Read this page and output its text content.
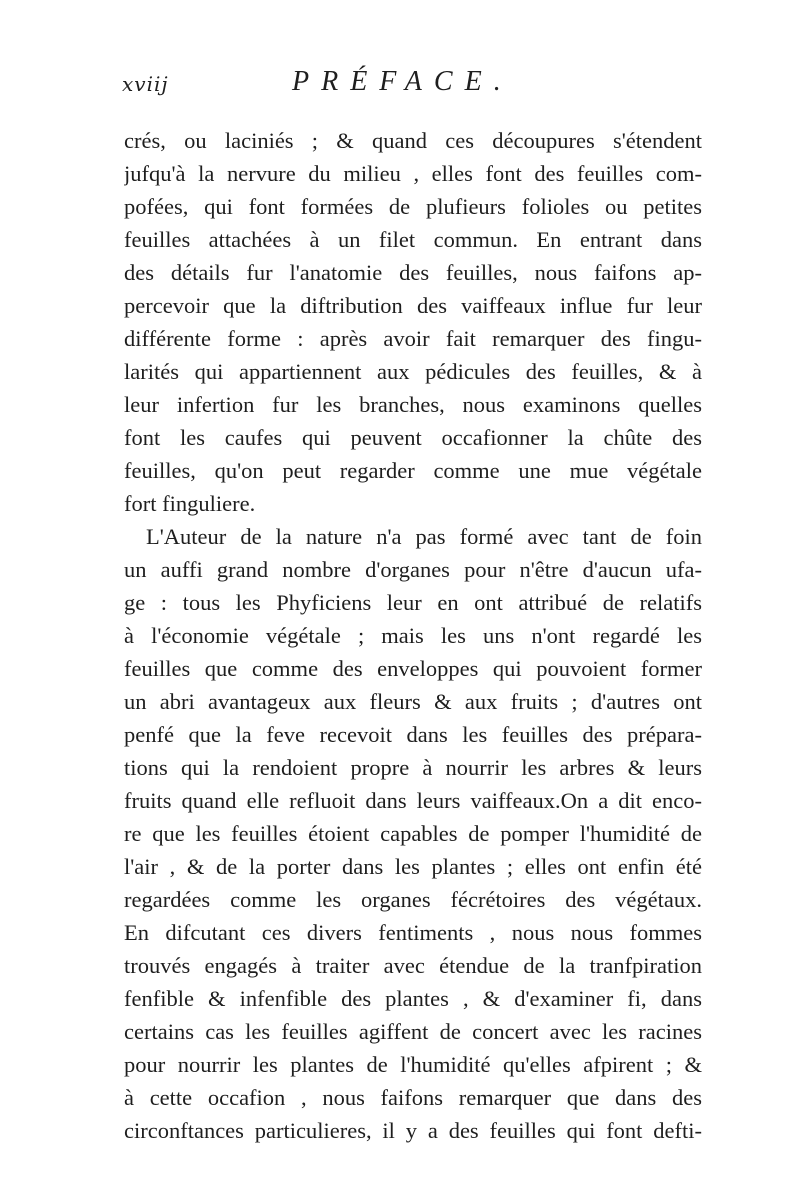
xviij	PRÉFACE.
crés, ou laciniés ; & quand ces découpures s'étendent
jufqu'à la nervure du milieu , elles font des feuilles com-
pofées, qui font formées de plufieurs folioles ou petites
feuilles attachées à un filet commun. En entrant dans
des détails fur l'anatomie des feuilles, nous faifons ap-
percevoir que la diftribution des vaiffeaux influe fur leur
différente forme : après avoir fait remarquer des fingu-
larités qui appartiennent aux pédicules des feuilles, & à
leur infertion fur les branches, nous examinons quelles
font les caufes qui peuvent occafionner la chûte des
feuilles, qu'on peut regarder comme une mue végétale
fort finguliere.
L'Auteur de la nature n'a pas formé avec tant de foin
un auffi grand nombre d'organes pour n'être d'aucun ufa-
ge : tous les Phyficiens leur en ont attribué de relatifs
à l'économie végétale ; mais les uns n'ont regardé les
feuilles que comme des enveloppes qui pouvoient former
un abri avantageux aux fleurs & aux fruits ; d'autres ont
penfé que la feve recevoit dans les feuilles des prépara-
tions qui la rendoient propre à nourrir les arbres & leurs
fruits quand elle refluoit dans leurs vaiffeaux.On a dit enco-
re que les feuilles étoient capables de pomper l'humidité de
l'air , & de la porter dans les plantes ; elles ont enfin été
regardées comme les organes fécrétoires des végétaux.
En difcutant ces divers fentiments , nous nous fommes
trouvés engagés à traiter avec étendue de la tranfpiration
fenfible & infenfible des plantes , & d'examiner fi, dans
certains cas les feuilles agiffent de concert avec les racines
pour nourrir les plantes de l'humidité qu'elles afpirent ; &
à cette occafion , nous faifons remarquer que dans des
circonftances particulieres, il y a des feuilles qui font defti-
